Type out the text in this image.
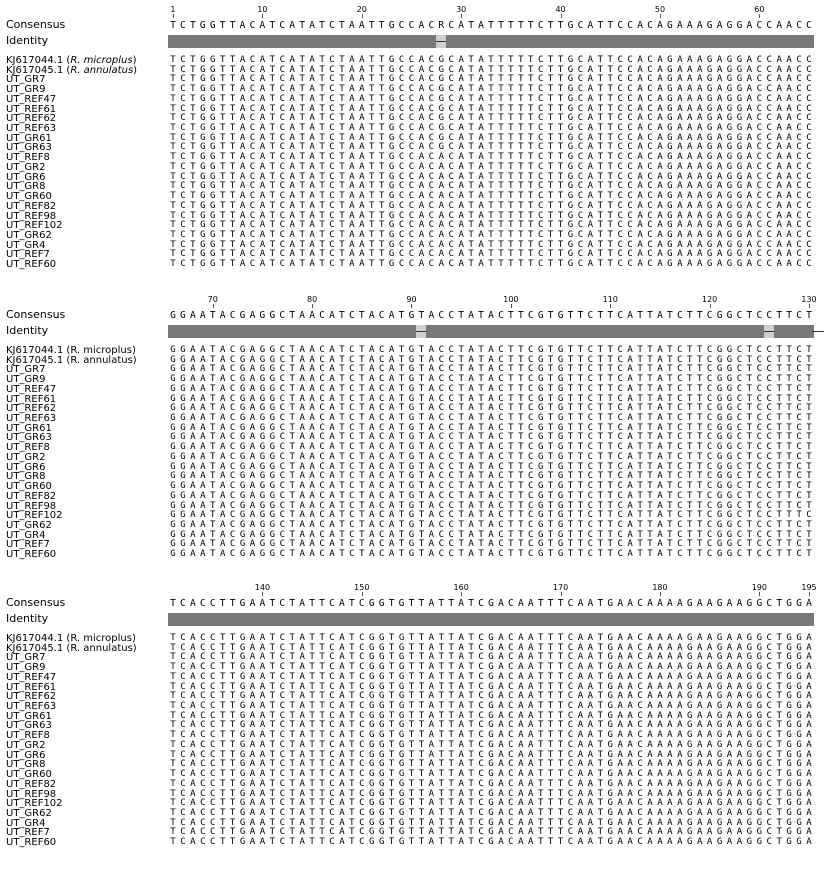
1	10	20	30	40	50	60
Consensus	T C T G G T T A C A T C A T A T C T A A T T G C C A C R C A T A T T T T T C T T G C A T T C C A C A G A A A G A G G A C C A A C C
Identity
KJ617044.1 (R. microplus)	T C T G G T T A C A T C A T A T C T A A T T G C C A C G C A T A T T T T T C T T G C A T T C C A C A G A A A G A G G A C C A A C C
KJ617045.1 (R. annulatus)	T C T G G T T A C A T C A T A T C T A A T T G C C A C G C A T A T T T T T C T T G C A T T C C A C A G A A A G A G G A C C A A C C
UT_GR7	T C T G G T T A C A T C A T A T C T A A T T G C C A C G C A T A T T T T T C T T G C A T T C C A C A G A A A G A G G A C C A A C C
UT_GR9	T C T G G T T A C A T C A T A T C T A A T T G C C A C G C A T A T T T T T C T T G C A T T C C A C A G A A A G A G G A C C A A C C
UT_REF47	T C T G G T T A C A T C A T A T C T A A T T G C C A C G C A T A T T T T T C T T G C A T T C C A C A G A A A G A G G A C C A A C C
UT_REF61	T C T G G T T A C A T C A T A T C T A A T T G C C A C G C A T A T T T T T C T T G C A T T C C A C A G A A A G A G G A C C A A C C
UT_REF62	T C T G G T T A C A T C A T A T C T A A T T G C C A C G C A T A T T T T T C T T G C A T T C C A C A G A A A G A G G A C C A A C C
UT_REF63	T C T G G T T A C A T C A T A T C T A A T T G C C A C G C A T A T T T T T C T T G C A T T C C A C A G A A A G A G G A C C A A C C
UT_GR61	T C T G G T T A C A T C A T A T C T A A T T G C C A C G C A T A T T T T T C T T G C A T T C C A C A G A A A G A G G A C C A A C C
UT_GR63	T C T G G T T A C A T C A T A T C T A A T T G C C A C G C A T A T T T T T C T T G C A T T C C A C A G A A A G A G G A C C A A C C
UT_REF8	T C T G G T T A C A T C A T A T C T A A T T G C C A C A C A T A T T T T T C T T G C A T T C C A C A G A A A G A G G A C C A A C C
UT_GR2	T C T G G T T A C A T C A T A T C T A A T T G C C A C A C A T A T T T T T C T T G C A T T C C A C A G A A A G A G G A C C A A C C
UT_GR6	T C T G G T T A C A T C A T A T C T A A T T G C C A C A C A T A T T T T T C T T G C A T T C C A C A G A A A G A G G A C C A A C C
UT_GR8	T C T G G T T A C A T C A T A T C T A A T T G C C A C A C A T A T T T T T C T T G C A T T C C A C A G A A A G A G G A C C A A C C
UT_GR60	T C T G G T T A C A T C A T A T C T A A T T G C C A C A C A T A T T T T T C T T G C A T T C C A C A G A A A G A G G A C C A A C C
UT_REF82	T C T G G T T A C A T C A T A T C T A A T T G C C A C A C A T A T T T T T C T T G C A T T C C A C A G A A A G A G G A C C A A C C
UT_REF98	T C T G G T T A C A T C A T A T C T A A T T G C C A C A C A T A T T T T T C T T G C A T T C C A C A G A A A G A G G A C C A A C C
UT_REF102	T C T G G T T A C A T C A T A T C T A A T T G C C A C A C A T A T T T T T C T T G C A T T C C A C A G A A A G A G G A C C A A C C
UT_GR62	T C T G G T T A C A T C A T A T C T A A T T G C C A C A C A T A T T T T T C T T G C A T T C C A C A G A A A G A G G A C C A A C C
UT_GR4	T C T G G T T A C A T C A T A T C T A A T T G C C A C A C A T A T T T T T C T T G C A T T C C A C A G A A A G A G G A C C A A C C
UT_REF7	T C T G G T T A C A T C A T A T C T A A T T G C C A C A C A T A T T T T T C T T G C A T T C C A C A G A A A G A G G A C C A A C C
UT_REF60	T C T G G T T A C A T C A T A T C T A A T T G C C A C A C A T A T T T T T C T T G C A T T C C A C A G A A A G A G G A C C A A C C
70	80	90	100	110	120	130
Consensus	G G A A T A C G A G G C T A A C A T C T A C A T G T A C C T A T A C T T C G T G T T C T T C A T T A T C T T C G G C T C C T T C T
Identity
KJ617044.1 (R. microplus)	G G A A T A C G A G G C T A A C A T C T A C A T G T A C C T A T A C T T C G T G T T C T T C A T T A T C T T C G G C T C C T T C T
KJ617045.1 (R. annulatus)	G G A A T A C G A G G C T A A C A T C T A C A T G T A C C T A T A C T T C G T G T T C T T C A T T A T C T T C G G C T C C T T C T
UT_GR7	G G A A T A C G A G G C T A A C A T C T A C A T G T A C C T A T A C T T C G T G T T C T T C A T T A T C T T C G G C T C C T T C T
UT_GR9	G G A A T A C G A G G C T A A C A T C T A C A T G T A C C T A T A C T T C G T G T T C T T C A T T A T C T T C G G C T C C T T C T
UT_REF47	G G A A T A C G A G G C T A A C A T C T A C A T G T A C C T A T A C T T C G T G T T C T T C A T T A T C T T C G G C T C C T T C T
UT_REF61	G G A A T A C G A G G C T A A C A T C T A C A T G T A C C T A T A C T T C G T G T T C T T C A T T A T C T T C G G C T C C T T C T
UT_REF62	G G A A T A C G A G G C T A A C A T C T A C A T G T A C C T A T A C T T C G T G T T C T T C A T T A T C T T C G G C T C C T T C T
UT_REF63	G G A A T A C G A G G C T A A C A T C T A C A T G T A C C T A T A C T T C G T G T T C T T C A T T A T C T T C G G C T C C T T C T
UT_GR61	G G A A T A C G A G G C T A A C A T C T A C A T G T A C C T A T A C T T C G T G T T C T T C A T T A T C T T C G G C T C C T T C T
UT_GR63	G G A A T A C G A G G C T A A C A T C T A C A T G T A C C T A T A C T T C G T G T T C T T C A T T A T C T T C G G C T C C T T C T
UT_REF8	G G A A T A C G A G G C T A A C A T C T A C A T G T A C C T A T A C T T C G T G T T C T T C A T T A T C T T C G G C T C C T T C T
UT_GR2	G G A A T A C G A G G C T A A C A T C T A C A T G T A C C T A T A C T T C G T G T T C T T C A T T A T C T T C G G C T C C T T C T
UT_GR6	G G A A T A C G A G G C T A A C A T C T A C A T G T A C C T A T A C T T C G T G T T C T T C A T T A T C T T C G G C T C C T T C T
UT_GR8	G G A A T A C G A G G C T A A C A T C T A C A T G T A C C T A T A C T T C G T G T T C T T C A T T A T C T T C G G C T C C T T C T
UT_GR60	G G A A T A C G A G G C T A A C A T C T A C A T G T A C C T A T A C T T C G T G T T C T T C A T T A T C T T C G G C T C C T T C T
UT_REF82	G G A A T A C G A G G C T A A C A T C T A C A T G T A C C T A T A C T T C G T G T T C T T C A T T A T C T T C G G C T C C T T C T
UT_REF98	G G A A T A C G A G G C T A A C A T C T A C A T G T A C C T A T A C T T C G T G T T C T T C A T T A T C T T C G G C T C C T T C T
UT_REF102	G G A A T A C G A G G C T A A C A T C T A C A T G T A C C T A T A C T T C G T G T T C T T C A T T A T C T T C G G C T C C T T T C
UT_GR62	G G A A T A C G A G G C T A A C A T C T A C A T G T A C C T A T A C T T C G T G T T C T T C A T T A T C T T C G G C T C C T T C T
UT_GR4	G G A A T A C G A G G C T A A C A T C T A C A T G T A C C T A T A C T T C G T G T T C T T C A T T A T C T T C G G C T C C T T C T
UT_REF7	G G A A T A C G A G G C T A A C A T C T A C A T G T A C C T A T A C T T C G T G T T C T T C A T T A T C T T C G G C T C C T T C T
UT_REF60	G G A A T A C G A G G C T A A C A T C T A C A T G T A C C T A T A C T T C G T G T T C T T C A T T A T C T T C G G C T C C T T C T
140	150	160	170	180	190	195
Consensus	T C A C C T T G A A T C T A T T C A T C G G T G T T A T T A T C G A C A A T T T C A A T G A A C A A A A G A A G A A G G C T G G A
Identity
KJ617044.1 (R. microplus)	T C A C C T T G A A T C T A T T C A T C G G T G T T A T T A T C G A C A A T T T C A A T G A A C A A A A G A A G A A G G C T G G A
KJ617045.1 (R. annulatus)	T C A C C T T G A A T C T A T T C A T C G G T G T T A T T A T C G A C A A T T T C A A T G A A C A A A A G A A G A A G G C T G G A
UT_GR7	T C A C C T T G A A T C T A T T C A T C G G T G T T A T T A T C G A C A A T T T C A A T G A A C A A A A G A A G A A G G C T G G A
UT_GR9	T C A C C T T G A A T C T A T T C A T C G G T G T T A T T A T C G A C A A T T T C A A T G A A C A A A A G A A G A A G G C T G G A
UT_REF47	T C A C C T T G A A T C T A T T C A T C G G T G T T A T T A T C G A C A A T T T C A A T G A A C A A A A G A A G A A G G C T G G A
UT_REF61	T C A C C T T G A A T C T A T T C A T C G G T G T T A T T A T C G A C A A T T T C A A T G A A C A A A A G A A G A A G G C T G G A
UT_REF62	T C A C C T T G A A T C T A T T C A T C G G T G T T A T T A T C G A C A A T T T C A A T G A A C A A A A G A A G A A G G C T G G A
UT_REF63	T C A C C T T G A A T C T A T T C A T C G G T G T T A T T A T C G A C A A T T T C A A T G A A C A A A A G A A G A A G G C T G G A
UT_GR61	T C A C C T T G A A T C T A T T C A T C G G T G T T A T T A T C G A C A A T T T C A A T G A A C A A A A G A A G A A G G C T G G A
UT_GR63	T C A C C T T G A A T C T A T T C A T C G G T G T T A T T A T C G A C A A T T T C A A T G A A C A A A A G A A G A A G G C T G G A
UT_REF8	T C A C C T T G A A T C T A T T C A T C G G T G T T A T T A T C G A C A A T T T C A A T G A A C A A A A G A A G A A G G C T G G A
UT_GR2	T C A C C T T G A A T C T A T T C A T C G G T G T T A T T A T C G A C A A T T T C A A T G A A C A A A A G A A G A A G G C T G G A
UT_GR6	T C A C C T T G A A T C T A T T C A T C G G T G T T A T T A T C G A C A A T T T C A A T G A A C A A A A G A A G A A G G C T G G A
UT_GR8	T C A C C T T G A A T C T A T T C A T C G G T G T T A T T A T C G A C A A T T T C A A T G A A C A A A A G A A G A A G G C T G G A
UT_GR60	T C A C C T T G A A T C T A T T C A T C G G T G T T A T T A T C G A C A A T T T C A A T G A A C A A A A G A A G A A G G C T G G A
UT_REF82	T C A C C T T G A A T C T A T T C A T C G G T G T T A T T A T C G A C A A T T T C A A T G A A C A A A A G A A G A A G G C T G G A
UT_REF98	T C A C C T T G A A T C T A T T C A T C G G T G T T A T T A T C G A C A A T T T C A A T G A A C A A A A G A A G A A G G C T G G A
UT_REF102	T C A C C T T G A A T C T A T T C A T C G G T G T T A T T A T C G A C A A T T T C A A T G A A C A A A A G A A G A A G G C T G G A
UT_GR62	T C A C C T T G A A T C T A T T C A T C G G T G T T A T T A T C G A C A A T T T C A A T G A A C A A A A G A A G A A G G C T G G A
UT_GR4	T C A C C T T G A A T C T A T T C A T C G G T G T T A T T A T C G A C A A T T T C A A T G A A C A A A A G A A G A A G G C T G G A
UT_REF7	T C A C C T T G A A T C T A T T C A T C G G T G T T A T T A T C G A C A A T T T C A A T G A A C A A A A G A A G A A G G C T G G A
UT_REF60	T C A C C T T G A A T C T A T T C A T C G G T G T T A T T A T C G A C A A T T T C A A T G A A C A A A A G A A G A A G G C T G G A
